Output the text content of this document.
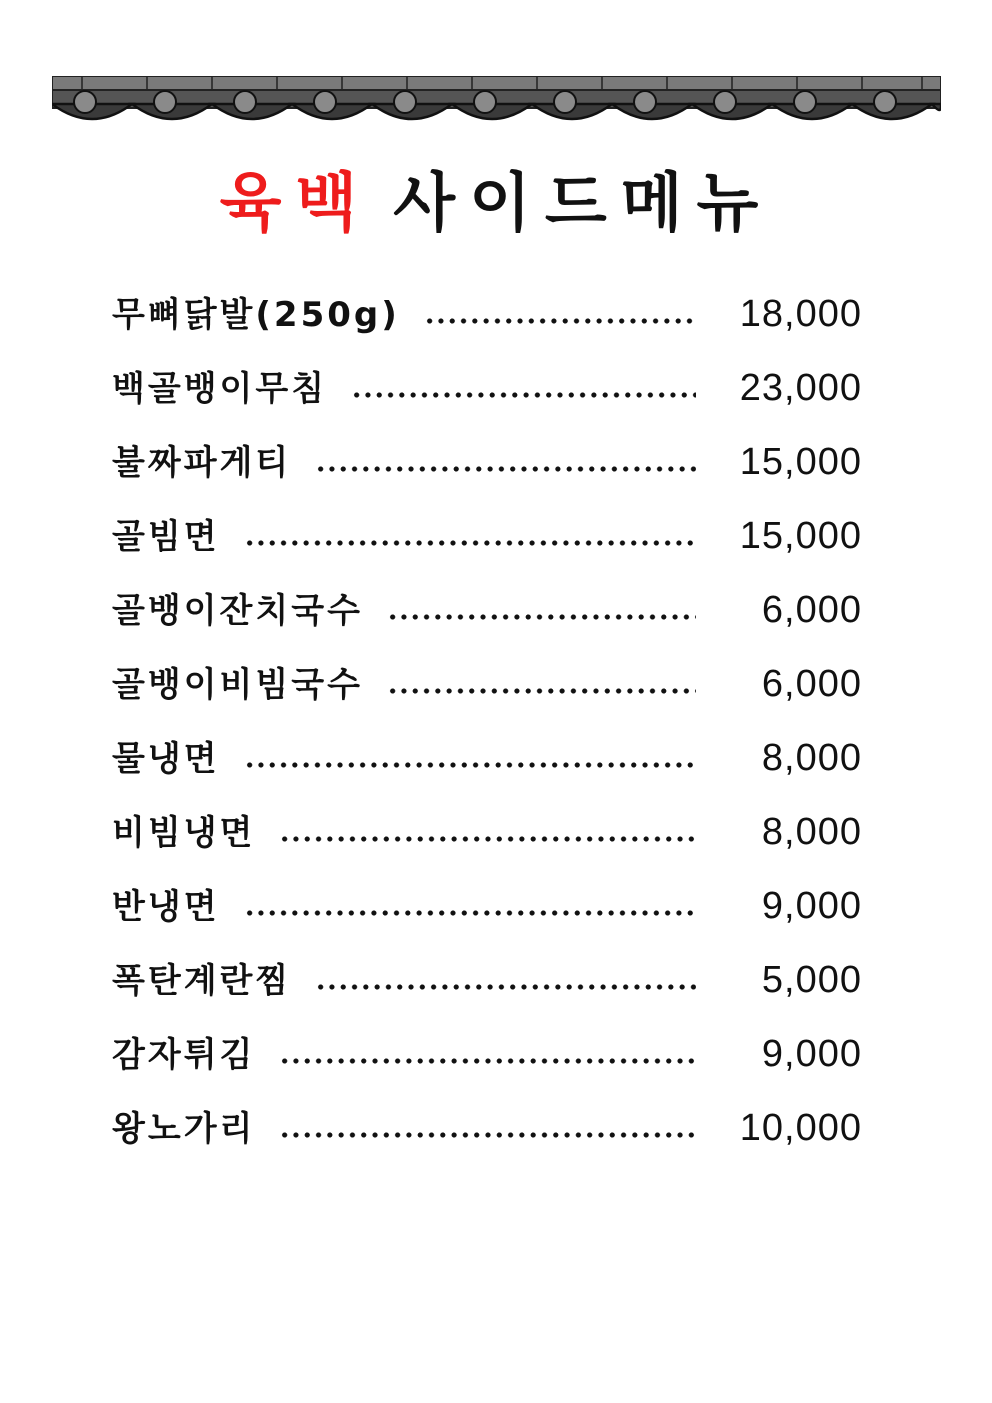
육백 사이드메뉴
무뼈닭발(250g)	18,000
백골뱅이무침	23,000
불짜파게티	15,000
골빔면	15,000
골뱅이잔치국수	6,000
골뱅이비빔국수	6,000
물냉면	8,000
비빔냉면	8,000
반냉면	9,000
폭탄계란찜	5,000
감자튀김	9,000
왕노가리	10,000
